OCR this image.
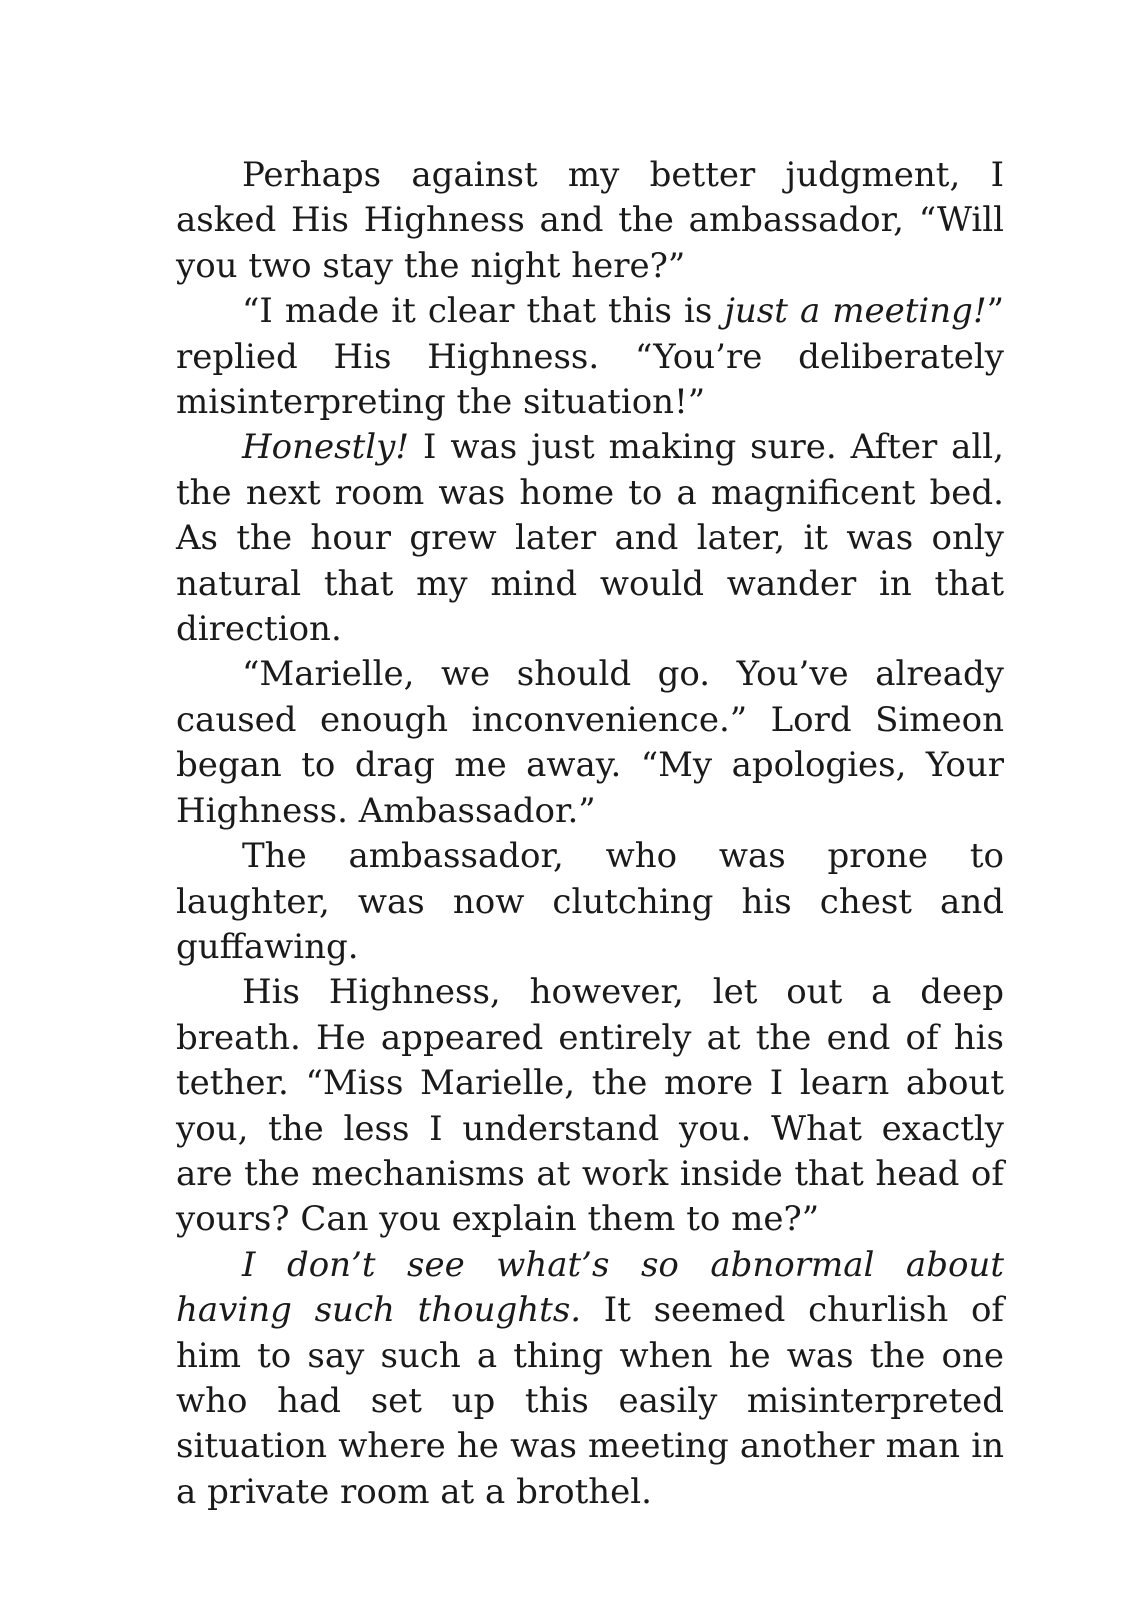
Perhaps against my better judgment, I asked His Highness and the ambassador, “Will you two stay the night here?”

“I made it clear that this is just a meeting!” replied His Highness. “You’re deliberately misinterpreting the situation!”

Honestly! I was just making sure. After all, the next room was home to a magnificent bed. As the hour grew later and later, it was only natural that my mind would wander in that direction.

“Marielle, we should go. You’ve already caused enough inconvenience.” Lord Simeon began to drag me away. “My apologies, Your Highness. Ambassador.”

The ambassador, who was prone to laughter, was now clutching his chest and guffawing.

His Highness, however, let out a deep breath. He appeared entirely at the end of his tether. “Miss Marielle, the more I learn about you, the less I understand you. What exactly are the mechanisms at work inside that head of yours? Can you explain them to me?”

I don’t see what’s so abnormal about having such thoughts. It seemed churlish of him to say such a thing when he was the one who had set up this easily misinterpreted situation where he was meeting another man in a private room at a brothel.
